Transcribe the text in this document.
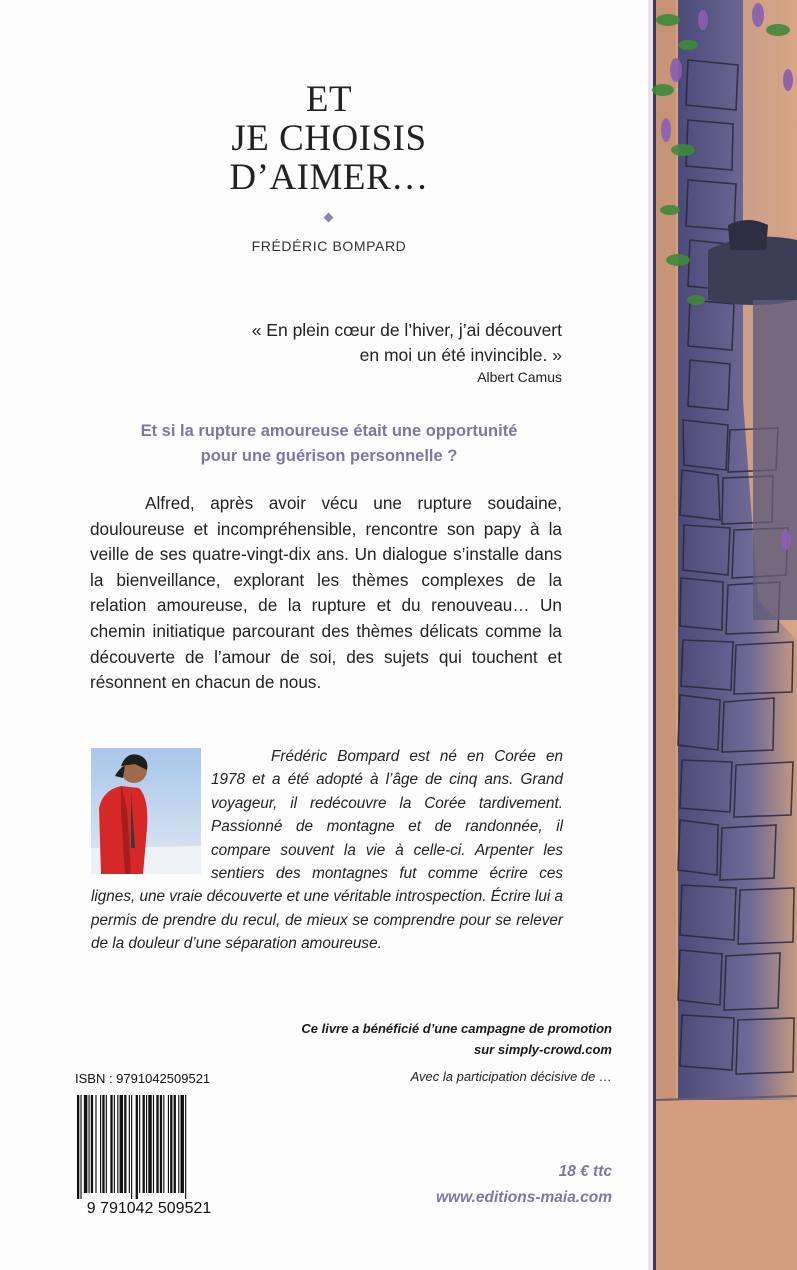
ET
JE CHOISIS
D’AIMER…
FRÉDÉRIC BOMPARD
« En plein cœur de l’hiver, j’ai découvert
en moi un été invincible. »
Albert Camus
Et si la rupture amoureuse était une opportunité
pour une guérison personnelle ?
Alfred, après avoir vécu une rupture soudaine, douloureuse et incompréhensible, rencontre son papy à la veille de ses quatre-vingt-dix ans. Un dialogue s’installe dans la bienveillance, explorant les thèmes complexes de la relation amoureuse, de la rupture et du renouveau… Un chemin initiatique parcourant des thèmes délicats comme la découverte de l’amour de soi, des sujets qui touchent et résonnent en chacun de nous.
Frédéric Bompard est né en Corée en 1978 et a été adopté à l’âge de cinq ans. Grand voyageur, il redécouvre la Corée tardivement. Passionné de montagne et de randonnée, il compare souvent la vie à celle-ci. Arpenter les sentiers des montagnes fut comme écrire ces lignes, une vraie découverte et une véritable introspection. Écrire lui a permis de prendre du recul, de mieux se comprendre pour se relever de la douleur d’une séparation amoureuse.
Ce livre a bénéficié d’une campagne de promotion
sur simply-crowd.com
Avec la participation décisive de …
ISBN : 9791042509521
9 791042 509521
18 € ttc
www.editions-maia.com
